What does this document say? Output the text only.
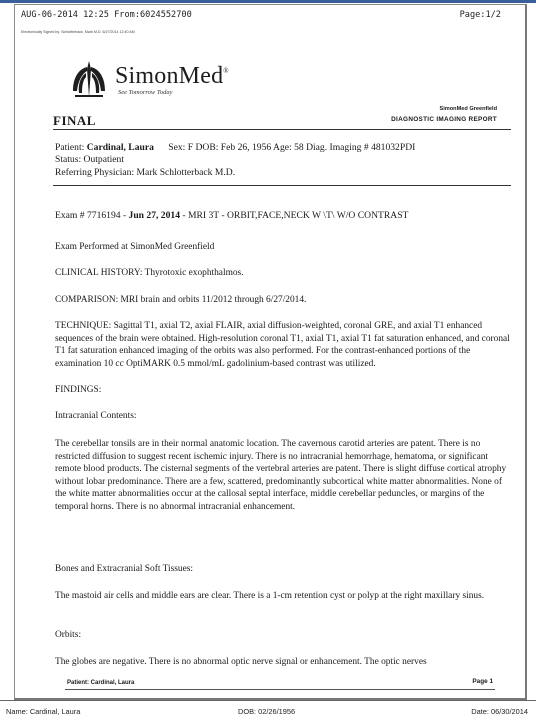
AUG-06-2014 12:25 From:6024552700	Page:1/2
Electronically Signed by: Schlotterback, Mark M.D. 6/27/2014 12:40 AM
SimonMed®
See Tomorrow Today
FINAL
SimonMed Greenfield
DIAGNOSTIC IMAGING REPORT
Patient: Cardinal, Laura Sex: F DOB: Feb 26, 1956 Age: 58 Diag. Imaging # 481032PDI
Status: Outpatient
Referring Physician: Mark Schlotterback M.D.
Exam # 7716194 - Jun 27, 2014 - MRI 3T - ORBIT,FACE,NECK W \T\ W/O CONTRAST
Exam Performed at SimonMed Greenfield
CLINICAL HISTORY: Thyrotoxic exophthalmos.
COMPARISON: MRI brain and orbits 11/2012 through 6/27/2014.
TECHNIQUE: Sagittal T1, axial T2, axial FLAIR, axial diffusion-weighted, coronal GRE, and axial T1 enhanced sequences of the brain were obtained. High-resolution coronal T1, axial T1, axial T1 fat saturation enhanced, and coronal T1 fat saturation enhanced imaging of the orbits was also performed. For the contrast-enhanced portions of the examination 10 cc OptiMARK 0.5 mmol/mL gadolinium-based contrast was utilized.
FINDINGS:
Intracranial Contents:
The cerebellar tonsils are in their normal anatomic location. The cavernous carotid arteries are patent. There is no restricted diffusion to suggest recent ischemic injury. There is no intracranial hemorrhage, hematoma, or significant remote blood products. The cisternal segments of the vertebral arteries are patent. There is slight diffuse cortical atrophy without lobar predominance. There are a few, scattered, predominantly subcortical white matter abnormalities. None of the white matter abnormalities occur at the callosal septal interface, middle cerebellar peduncles, or margins of the temporal horns. There is no abnormal intracranial enhancement.
Bones and Extracranial Soft Tissues:
The mastoid air cells and middle ears are clear. There is a 1-cm retention cyst or polyp at the right maxillary sinus.
Orbits:
The globes are negative. There is no abnormal optic nerve signal or enhancement. The optic nerves
Patient: Cardinal, Laura	Page 1
Name: Cardinal, Laura	DOB: 02/26/1956	Date: 06/30/2014
